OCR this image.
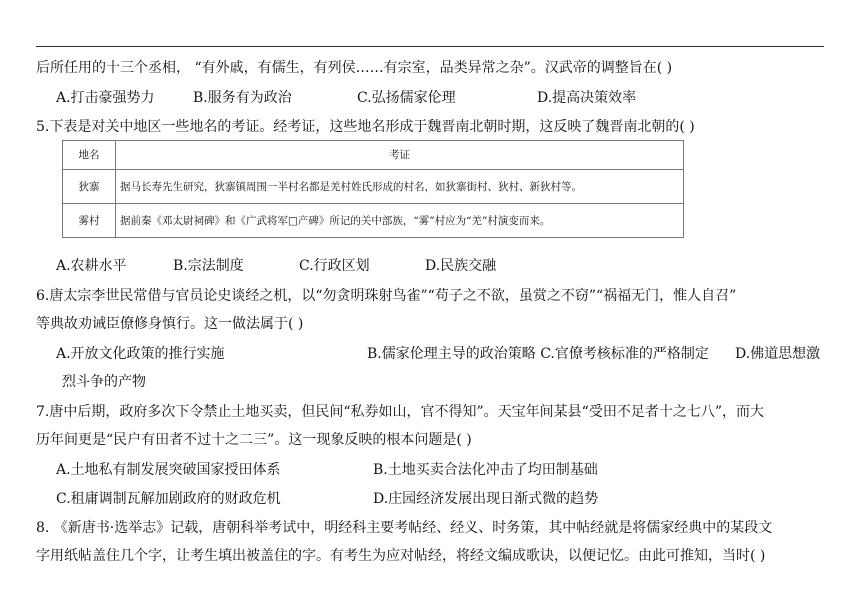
后所任用的十三个丞相， “有外戚，有儒生，有列侯……有宗室，品类异常之杂”。汉武帝的调整旨在( )
A.打击豪强势力	B.服务有为政治	C.弘扬儒家伦理	D.提高决策效率
5.下表是对关中地区一些地名的考证。经考证，这些地名形成于魏晋南北朝时期，这反映了魏晋南北朝的( )
地名	考证
狄寨	据马长寿先生研究，狄寨镇周围一半村名都是羌村姓氏形成的村名，如狄寨街村、狄村、新狄村等。
雾村	据前秦《邓太尉祠碑》和《广武将军□产碑》所记的关中部族，“雾”村应为“羌”村演变而来。
A.农耕水平	B.宗法制度	C.行政区划	D.民族交融
6.唐太宗李世民常借与官员论史谈经之机，以“勿贪明珠射鸟雀”“苟子之不欲，虽赏之不窃”“祸福无门，惟人自召”
等典故劝诫臣僚修身慎行。这一做法属于( )
A.开放文化政策的推行实施	B.儒家伦理主导的政治策略 C.官僚考核标准的严格制定 D.佛道思想激
烈斗争的产物
7.唐中后期，政府多次下令禁止土地买卖，但民间“私券如山，官不得知”。天宝年间某县“受田不足者十之七八”，而大
历年间更是“民户有田者不过十之二三”。这一现象反映的根本问题是( )
A.土地私有制发展突破国家授田体系	B.土地买卖合法化冲击了均田制基础
C.租庸调制瓦解加剧政府的财政危机	D.庄园经济发展出现日渐式微的趋势
8. 《新唐书·选举志》记载，唐朝科举考试中，明经科主要考帖经、经义、时务策，其中帖经就是将儒家经典中的某段文
字用纸帖盖住几个字，让考生填出被盖住的字。有考生为应对帖经，将经文编成歌诀，以便记忆。由此可推知，当时( )
